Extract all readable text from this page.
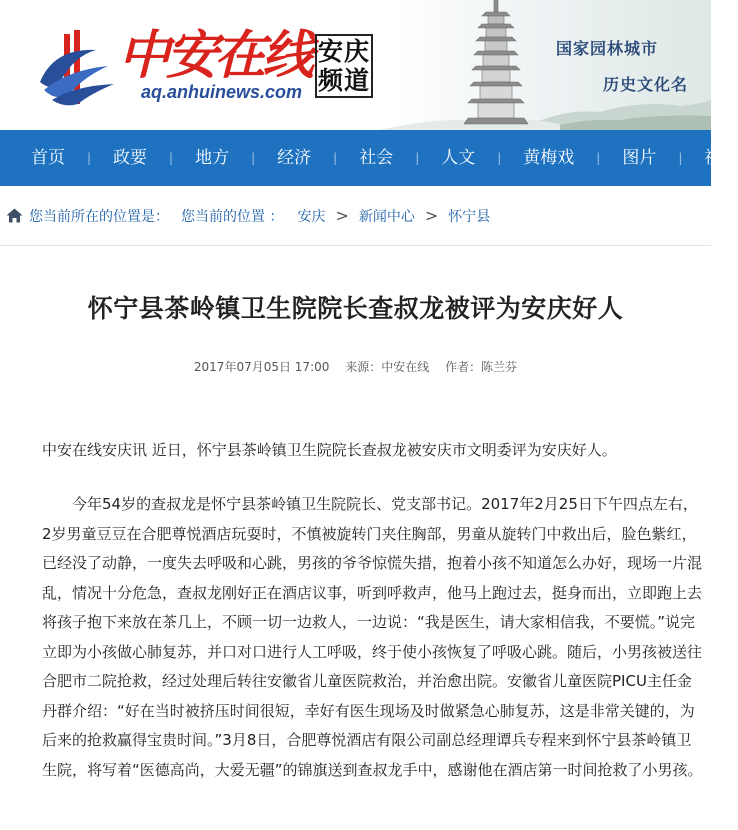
中安在线
aq.anhuinews.com
安庆
频道
国家园林城市
历史文化名
首页 | 政要 | 地方 | 经济 | 社会 | 人文 | 黄梅戏 | 图片 | 视频
您当前所在的位置是： 您当前的位置 ： 安庆 > 新闻中心 > 怀宁县
怀宁县茶岭镇卫生院院长查叔龙被评为安庆好人
2017年07月05日 17:00 来源：中安在线 作者：陈兰芬

中安在线安庆讯 近日，怀宁县茶岭镇卫生院院长查叔龙被安庆市文明委评为安庆好人。

今年54岁的查叔龙是怀宁县茶岭镇卫生院院长、党支部书记。2017年2月25日下午四点左右， 2岁男童豆豆在合肥尊悦酒店玩耍时，不慎被旋转门夹住胸部，男童从旋转门中救出后，脸色紫红，已经没了动静，一度失去呼吸和心跳，男孩的爷爷惊慌失措，抱着小孩不知道怎么办好，现场一片混乱，情况十分危急，查叔龙刚好正在酒店议事，听到呼救声，他马上跑过去，挺身而出，立即跑上去将孩子抱下来放在茶几上，不顾一切一边救人，一边说：“我是医生，请大家相信我，不要慌。”说完立即为小孩做心肺复苏，并口对口进行人工呼吸，终于使小孩恢复了呼吸心跳。随后，小男孩被送往合肥市二院抢救，经过处理后转往安徽省儿童医院救治，并治愈出院。安徽省儿童医院PICU主任金丹群介绍：“好在当时被挤压时间很短，幸好有医生现场及时做紧急心肺复苏，这是非常关键的，为后来的抢救赢得宝贵时间。”3月8日，合肥尊悦酒店有限公司副总经理谭兵专程来到怀宁县茶岭镇卫生院，将写着“医德高尚，大爱无疆”的锦旗送到查叔龙手中，感谢他在酒店第一时间抢救了小男孩。
